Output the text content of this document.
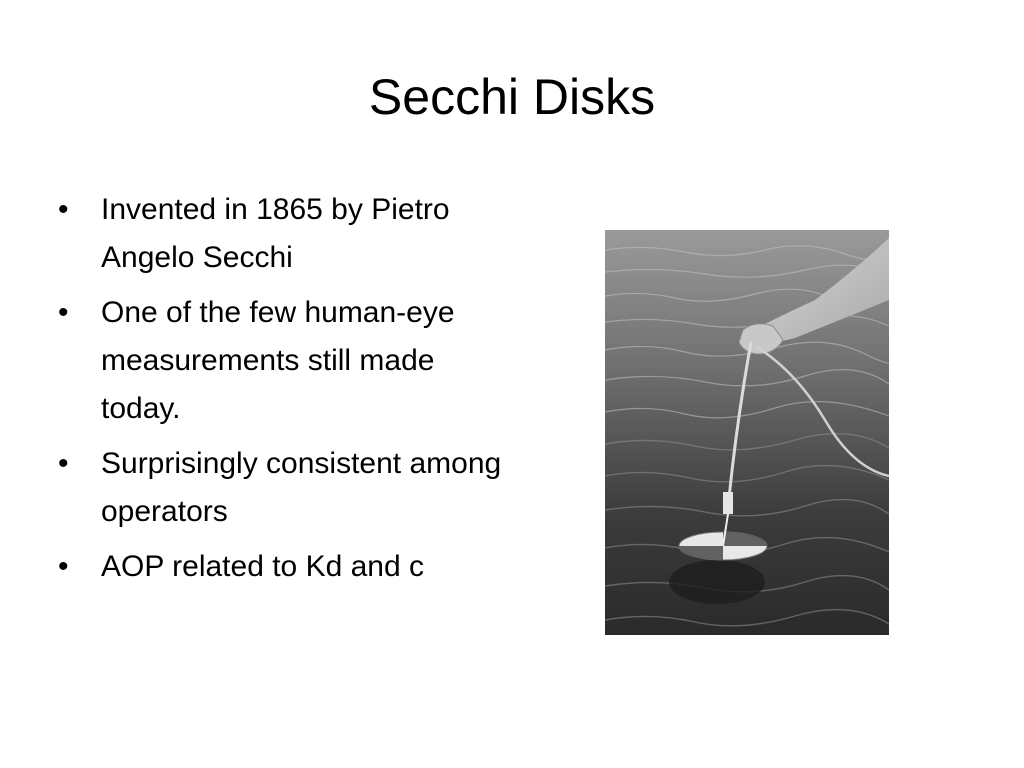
Secchi Disks
• Invented in 1865 by Pietro Angelo Secchi
• One of the few human-eye measurements still made today.
• Surprisingly consistent among operators
• AOP related to Kd and c
